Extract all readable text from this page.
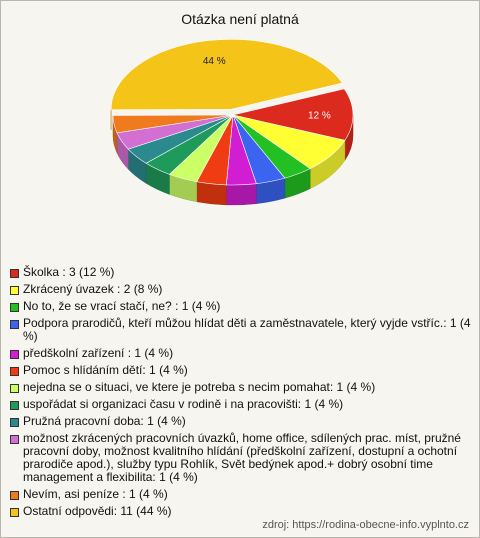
Otázka není platná
12 %
44 %
Školka : 3 (12 %)
Zkrácený úvazek : 2 (8 %)
No to, že se vrací stačí, ne? : 1 (4 %)
Podpora prarodičů, kteří můžou hlídat děti a zaměstnavatele, který vyjde vstříc.: 1 (4 %)
předškolní zařízení : 1 (4 %)
Pomoc s hlídáním dětí: 1 (4 %)
nejedna se o situaci, ve ktere je potreba s necim pomahat: 1 (4 %)
uspořádat si organizaci času v rodině i na pracovišti: 1 (4 %)
Pružná pracovní doba: 1 (4 %)
možnost zkrácených pracovních úvazků, home office, sdílených prac. míst, pružné pracovní doby, možnost kvalitního hlídání (předškolní zařízení, dostupní a ochotní prarodiče apod.), služby typu Rohlík, Svět bedýnek apod.+ dobrý osobní time management a flexibilita: 1 (4 %)
Nevím, asi peníze : 1 (4 %)
Ostatní odpovědi: 11 (44 %)
zdroj: https://rodina-obecne-info.vyplnto.cz
